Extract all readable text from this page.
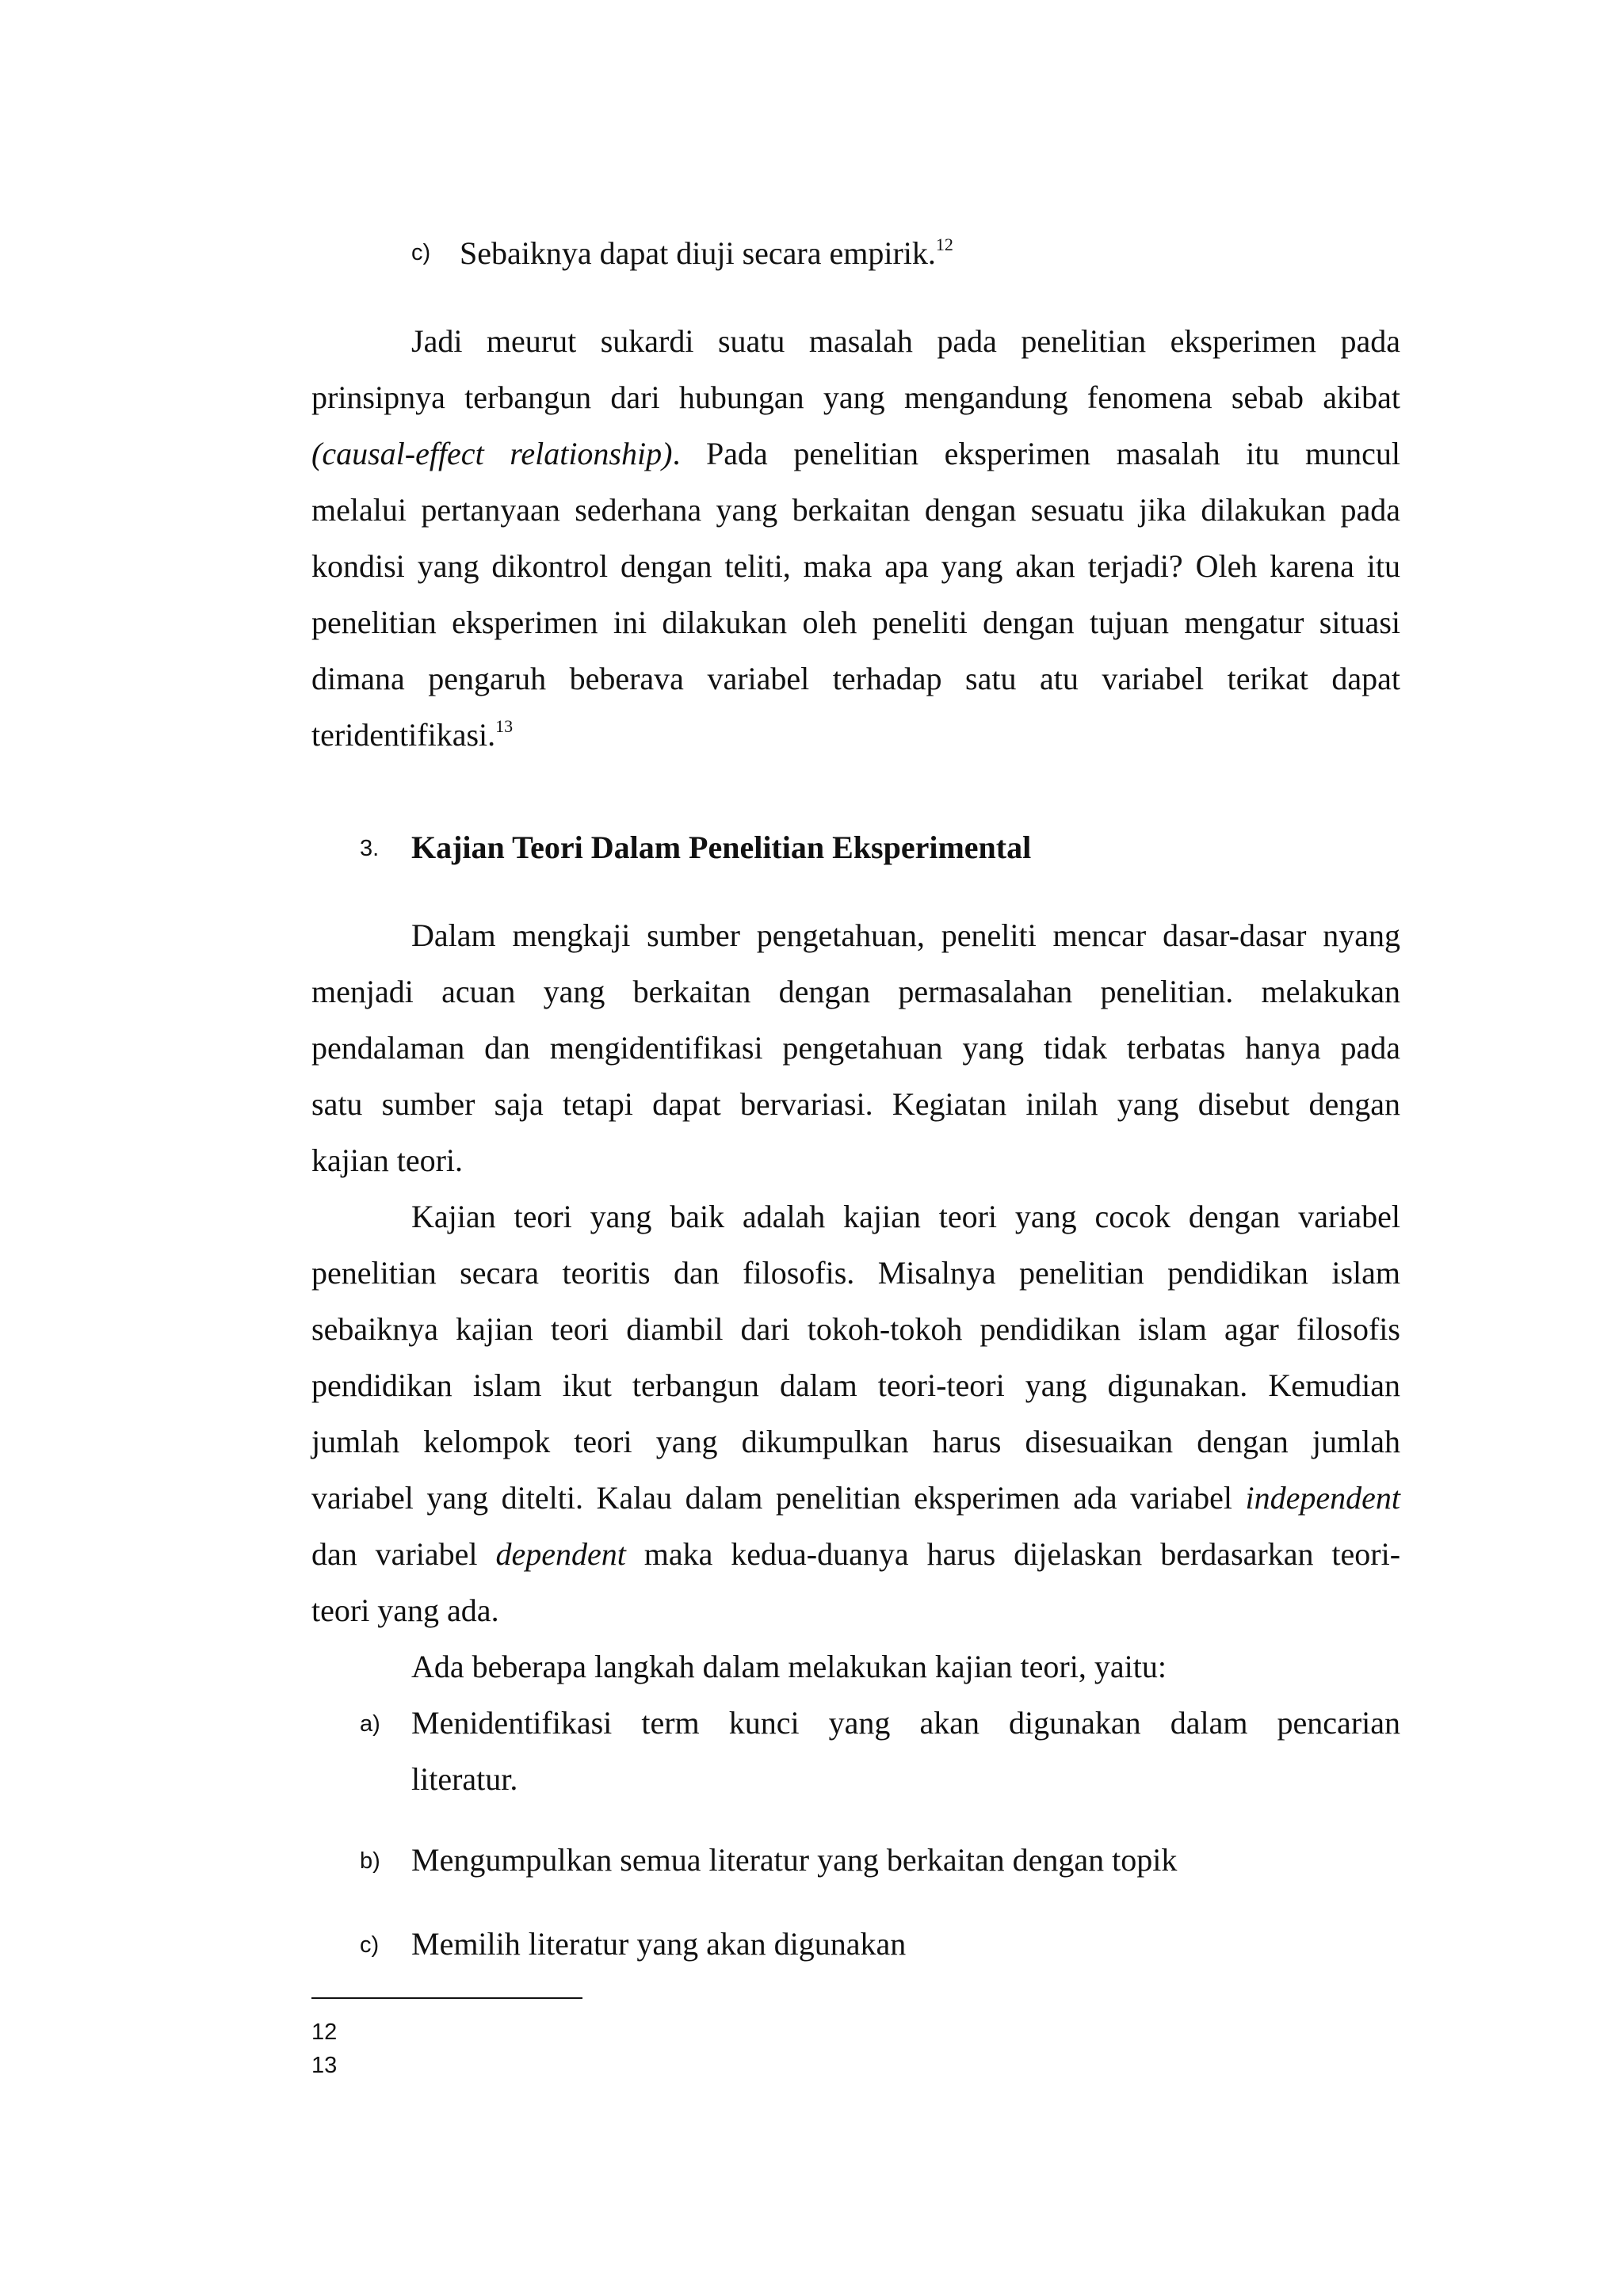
c) Sebaiknya dapat diuji secara empirik.$^{12}$
Jadi meurut sukardi suatu masalah pada penelitian eksperimen pada
prinsipnya terbangun dari hubungan yang mengandung fenomena sebab akibat
(causal-effect relationship). Pada penelitian eksperimen masalah itu muncul
melalui pertanyaan sederhana yang berkaitan dengan sesuatu jika dilakukan pada
kondisi yang dikontrol dengan teliti, maka apa yang akan terjadi? Oleh karena itu
penelitian eksperimen ini dilakukan oleh peneliti dengan tujuan mengatur situasi
dimana pengaruh beberava variabel terhadap satu atu variabel terikat dapat
teridentifikasi.$^{13}$
3. Kajian Teori Dalam Penelitian Eksperimental
Dalam mengkaji sumber pengetahuan, peneliti mencar dasar-dasar nyang
menjadi acuan yang berkaitan dengan permasalahan penelitian. melakukan
pendalaman dan mengidentifikasi pengetahuan yang tidak terbatas hanya pada
satu sumber saja tetapi dapat bervariasi. Kegiatan inilah yang disebut dengan
kajian teori.
Kajian teori yang baik adalah kajian teori yang cocok dengan variabel
penelitian secara teoritis dan filosofis. Misalnya penelitian pendidikan islam
sebaiknya kajian teori diambil dari tokoh-tokoh pendidikan islam agar filosofis
pendidikan islam ikut terbangun dalam teori-teori yang digunakan. Kemudian
jumlah kelompok teori yang dikumpulkan harus disesuaikan dengan jumlah
variabel yang ditelti. Kalau dalam penelitian eksperimen ada variabel independent
dan variabel dependent maka kedua-duanya harus dijelaskan berdasarkan teori-
teori yang ada.
Ada beberapa langkah dalam melakukan kajian teori, yaitu:
a) Menidentifikasi term kunci yang akan digunakan dalam pencarian
literatur.
b) Mengumpulkan semua literatur yang berkaitan dengan topik
c) Memilih literatur yang akan digunakan
12
13
